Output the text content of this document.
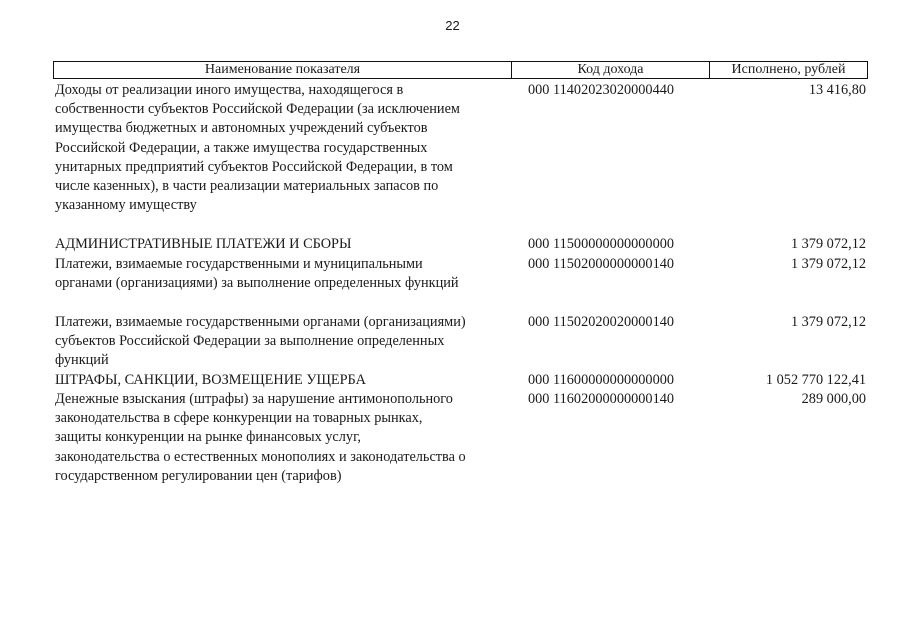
22
Наименование показателя	Код дохода	Исполнено, рублей
Доходы от реализации иного имущества, находящегося в
собственности субъектов Российской Федерации (за исключением
имущества бюджетных и автономных учреждений субъектов
Российской Федерации, а также имущества государственных
унитарных предприятий субъектов Российской Федерации, в том
числе казенных), в части реализации материальных запасов по
указанному имуществу
000 11402023020000440	13 416,80
АДМИНИСТРАТИВНЫЕ ПЛАТЕЖИ И СБОРЫ	000 11500000000000000	1 379 072,12
Платежи, взимаемые государственными и муниципальными
органами (организациями) за выполнение определенных функций
000 11502000000000140	1 379 072,12
Платежи, взимаемые государственными органами (организациями)
субъектов Российской Федерации за выполнение определенных
функций
000 11502020020000140	1 379 072,12
ШТРАФЫ, САНКЦИИ, ВОЗМЕЩЕНИЕ УЩЕРБА	000 11600000000000000	1 052 770 122,41
Денежные взыскания (штрафы) за нарушение антимонопольного
законодательства в сфере конкуренции на товарных рынках,
защиты конкуренции на рынке финансовых услуг,
законодательства о естественных монополиях и законодательства о
государственном регулировании цен (тарифов)
000 11602000000000140	289 000,00
